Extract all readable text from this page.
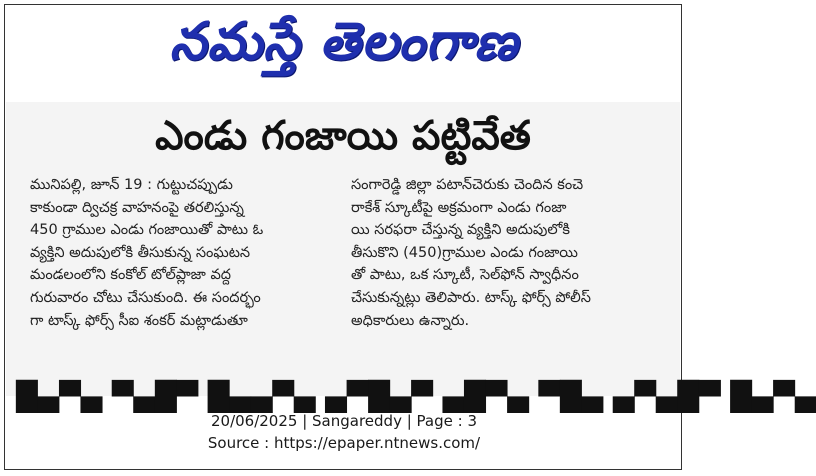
నమస్తే తెలంగాణ
ఎండు గంజాయి పట్టివేత
మునిపల్లి, జూన్ 19 : గుట్టుచప్పుడు
కాకుండా ద్విచక్ర వాహనంపై తరలిస్తున్న
450 గ్రాముల ఎండు గంజాయితో పాటు ఓ
వ్యక్తిని అదుపులోకి తీసుకున్న సంఘటన
మండలంలోని కంకోల్ టోల్‌ప్లాజా వద్ద
గురువారం చోటు చేసుకుంది. ఈ సందర్భం
గా టాస్క్ ఫోర్స్ సీఐ శంకర్ మట్లాడుతూ
సంగారెడ్డి జిల్లా పటాన్‌చెరుకు చెందిన కంచె
రాకేశ్ స్కూటీపై అక్రమంగా ఎండు గంజా
యి సరఫరా చేస్తున్న వ్యక్తిని అదుపులోకి
తీసుకొని (450)గ్రాముల ఎండు గంజాయి
తో పాటు, ఒక స్కూటీ, సెల్‌ఫోన్ స్వాధీనం
చేసుకున్నట్లు తెలిపారు. టాస్క్ ఫోర్స్ పోలీస్
అధికారులు ఉన్నారు.
█▄▀▄ ▀▄█▀ █▄▄▀▄ ▄▀█▄▀ ▄█▀▄ ▀█▄ ▄▀▄█▀ █▄▀▄
20/06/2025 | Sangareddy | Page : 3
Source : https://epaper.ntnews.com/
